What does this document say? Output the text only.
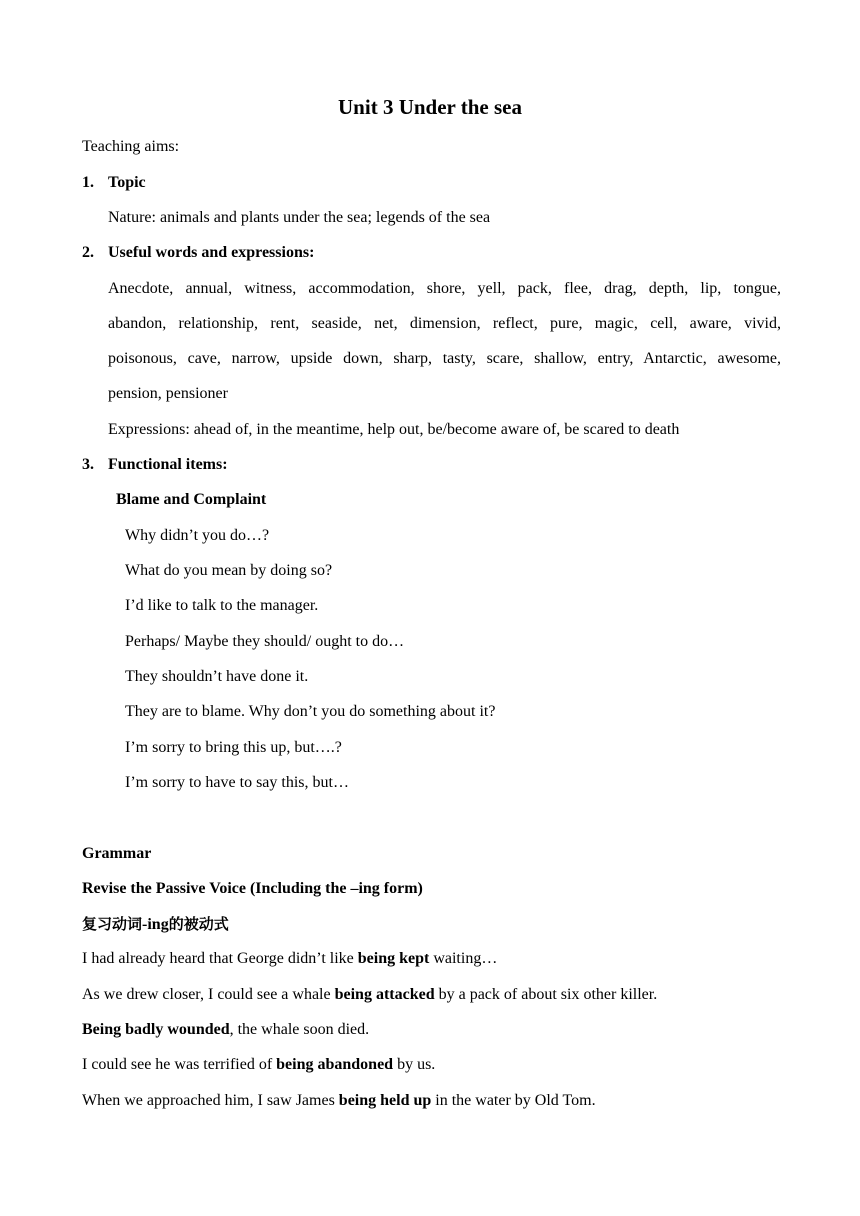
Unit 3 Under the sea
Teaching aims:
1. Topic
Nature: animals and plants under the sea; legends of the sea
2. Useful words and expressions:
Anecdote, annual, witness, accommodation, shore, yell, pack, flee, drag, depth, lip, tongue,
abandon, relationship, rent, seaside, net, dimension, reflect, pure, magic, cell, aware, vivid,
poisonous, cave, narrow, upside down, sharp, tasty, scare, shallow, entry, Antarctic, awesome,
pension, pensioner
Expressions: ahead of, in the meantime, help out, be/become aware of, be scared to death
3. Functional items:
Blame and Complaint
Why didn’t you do…?
What do you mean by doing so?
I’d like to talk to the manager.
Perhaps/ Maybe they should/ ought to do…
They shouldn’t have done it.
They are to blame. Why don’t you do something about it?
I’m sorry to bring this up, but….?
I’m sorry to have to say this, but…
Grammar
Revise the Passive Voice (Including the –ing form)
复习动词-ing的被动式
I had already heard that George didn’t like being kept waiting…
As we drew closer, I could see a whale being attacked by a pack of about six other killer.
Being badly wounded, the whale soon died.
I could see he was terrified of being abandoned by us.
When we approached him, I saw James being held up in the water by Old Tom.
